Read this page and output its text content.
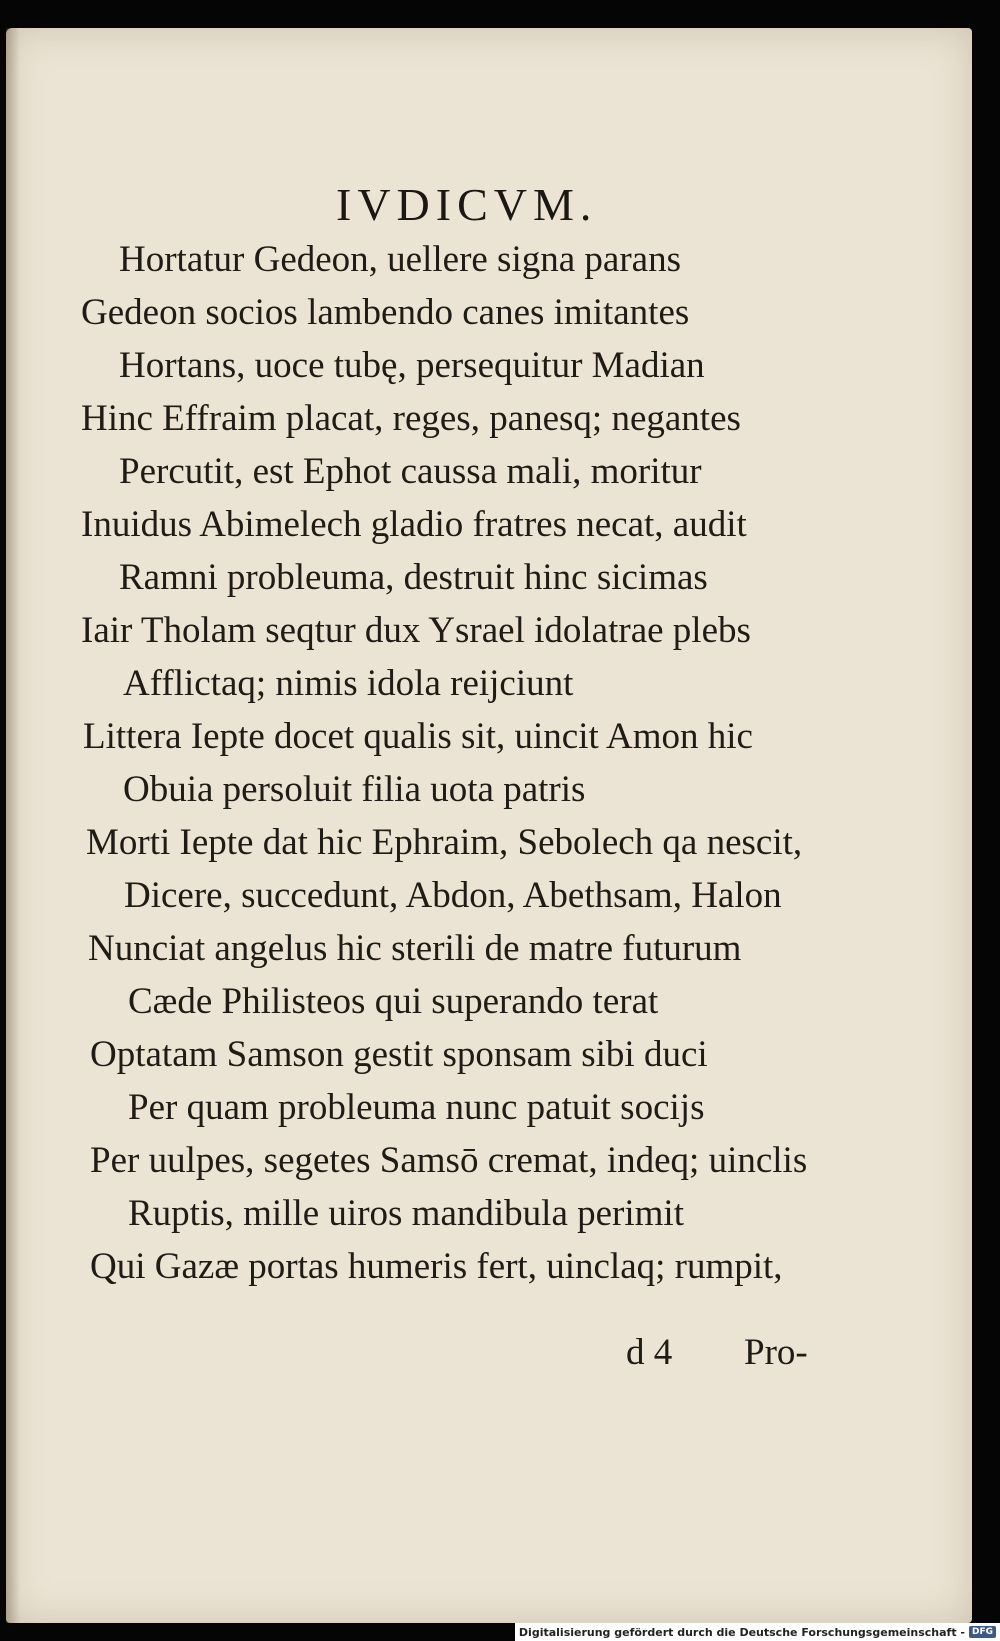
IVDICVM.
Hortatur Gedeon, uellere signa parans
Gedeon socios lambendo canes imitantes
Hortans, uoce tubę, persequitur Madian
Hinc Effraim placat, reges, panesq; negantes
Percutit, est Ephot caussa mali, moritur
Inuidus Abimelech gladio fratres necat, audit
Ramni probleuma, destruit hinc sicimas
Iair Tholam seqtur dux Ysrael idolatrae plebs
Afflictaq; nimis idola reijciunt
Littera Iepte docet qualis sit, uincit Amon hic
Obuia persoluit filia uota patris
Morti Iepte dat hic Ephraim, Sebolech qa nescit,
Dicere, succedunt, Abdon, Abethsam, Halon
Nunciat angelus hic sterili de matre futurum
Cæde Philisteos qui superando terat
Optatam Samson gestit sponsam sibi duci
Per quam probleuma nunc patuit socijs
Per uulpes, segetes Samsō cremat, indeq; uinclis
Ruptis, mille uiros mandibula perimit
Qui Gazæ portas humeris fert, uinclaq; rumpit,
d 4 Pro-
Digitalisierung gefördert durch die Deutsche Forschungsgemeinschaft - DFG
